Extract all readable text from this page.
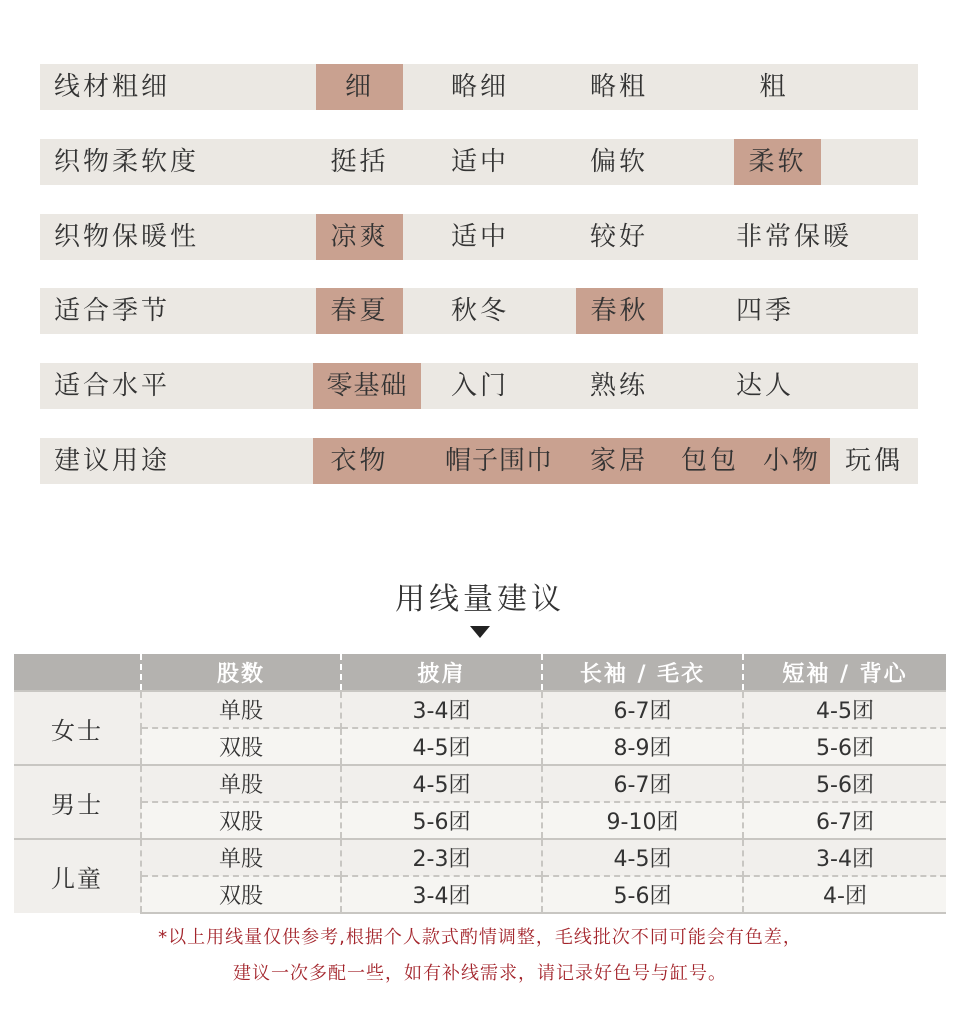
线材粗细	细	略细	略粗	粗
织物柔软度	挺括	适中	偏软	柔软
织物保暖性	凉爽	适中	较好	非常保暖
适合季节	春夏	秋冬	春秋	四季
适合水平	零基础	入门	熟练	达人
建议用途	衣物	帽子围巾	家居	包包 小物 玩偶
用线量建议
	股数	披肩	长袖 / 毛衣	短袖 / 背心
女士	单股	3-4团	6-7团	4-5团
	双股	4-5团	8-9团	5-6团
男士	单股	4-5团	6-7团	5-6团
	双股	5-6团	9-10团	6-7团
儿童	单股	2-3团	4-5团	3-4团
	双股	3-4团	5-6团	4-团
*以上用线量仅供参考,根据个人款式酌情调整，毛线批次不同可能会有色差，
建议一次多配一些，如有补线需求，请记录好色号与缸号。
